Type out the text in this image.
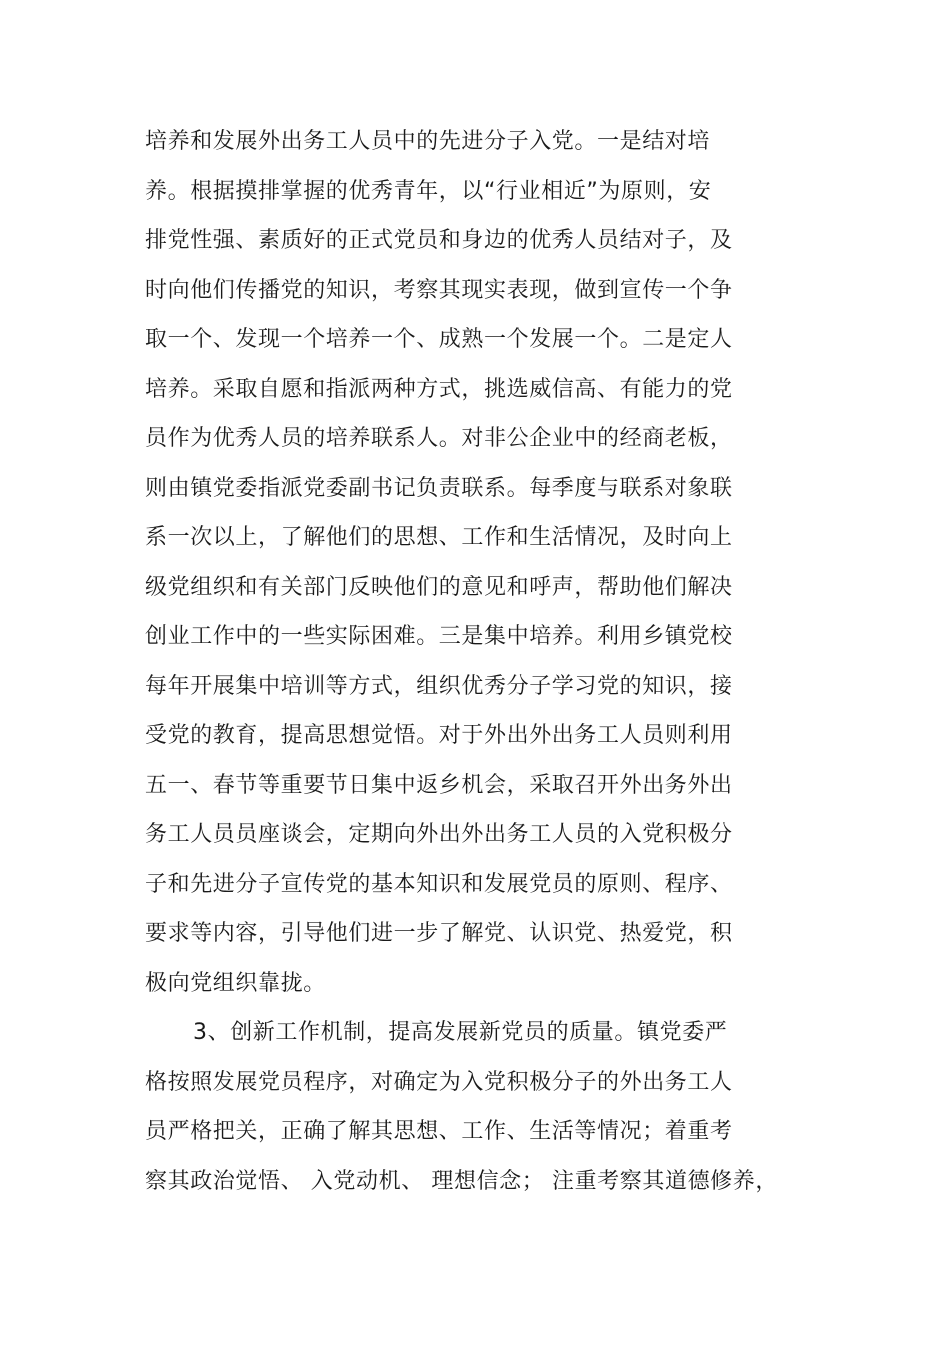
培养和发展外出务工人员中的先进分子入党。一是结对培
养。根据摸排掌握的优秀青年，以“行业相近”为原则，安
排党性强、素质好的正式党员和身边的优秀人员结对子，及
时向他们传播党的知识，考察其现实表现，做到宣传一个争
取一个、发现一个培养一个、成熟一个发展一个。二是定人
培养。采取自愿和指派两种方式，挑选威信高、有能力的党
员作为优秀人员的培养联系人。对非公企业中的经商老板，
则由镇党委指派党委副书记负责联系。每季度与联系对象联
系一次以上，了解他们的思想、工作和生活情况，及时向上
级党组织和有关部门反映他们的意见和呼声，帮助他们解决
创业工作中的一些实际困难。三是集中培养。利用乡镇党校
每年开展集中培训等方式，组织优秀分子学习党的知识，接
受党的教育，提高思想觉悟。对于外出外出务工人员则利用
五一、春节等重要节日集中返乡机会，采取召开外出务外出
务工人员员座谈会，定期向外出外出务工人员的入党积极分
子和先进分子宣传党的基本知识和发展党员的原则、程序、
要求等内容，引导他们进一步了解党、认识党、热爱党，积
极向党组织靠拢。
3、创新工作机制，提高发展新党员的质量。镇党委严
格按照发展党员程序，对确定为入党积极分子的外出务工人
员严格把关，正确了解其思想、工作、生活等情况；着重考
察其政治觉悟、 入党动机、 理想信念； 注重考察其道德修养，
